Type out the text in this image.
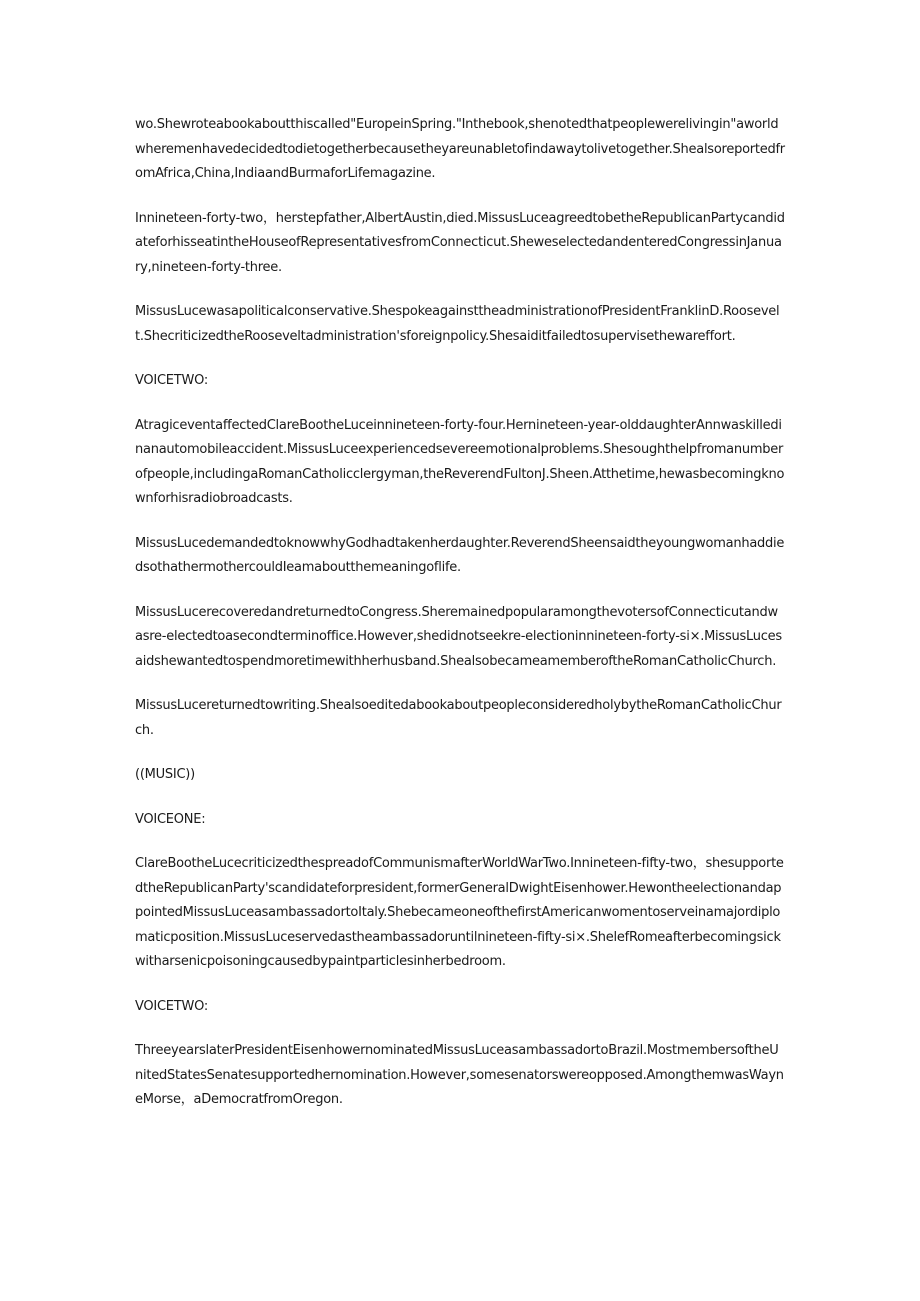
wo.Shewroteabookaboutthiscalled"EuropeinSpring."Inthebook,shenotedthatpeoplewerelivingin"aworldwheremenhavedecidedtodietogetherbecausetheyareunabletofindawaytolivetogether.ShealsoreportedfromAfrica,China,IndiaandBurmaforLifemagazine.

Innineteen-forty-two，herstepfather,AlbertAustin,died.MissusLuceagreedtobetheRepublicanPartycandidateforhisseatintheHouseofRepresentativesfromConnecticut.SheweselectedandenteredCongressinJanuary,nineteen-forty-three.

MissusLucewasapoliticalconservative.ShespokeagainsttheadministrationofPresidentFranklinD.Roosevelt.ShecriticizedtheRooseveltadministration'sforeignpolicy.Shesaiditfailedtosupervisethewareffort.

VOICETWO:

AtragiceventaffectedClareBootheLuceinnineteen-forty-four.Hernineteen-year-olddaughterAnnwaskilledinanautomobileaccident.MissusLuceexperiencedsevereemotionalproblems.Shesoughthelpfromanumberofpeople,includingaRomanCatholicclergyman,theReverendFultonJ.Sheen.Atthetime,hewasbecomingknownforhisradiobroadcasts.

MissusLucedemandedtoknowwhyGodhadtakenherdaughter.ReverendSheensaidtheyoungwomanhaddiedsothathermothercouldIeamaboutthemeaningoflife.

MissusLucerecoveredandreturnedtoCongress.SheremainedpopularamongthevotersofConnecticutandwasre-electedtoasecondterminoffice.However,shedidnotseekre-electioninnineteen-forty-si×.MissusLucesaidshewantedtospendmoretimewithherhusband.ShealsobecameamemberoftheRomanCatholicChurch.

MissusLucereturnedtowriting.ShealsoeditedabookaboutpeopleconsideredholybytheRomanCatholicChurch.

((MUSIC))

VOICEONE:

ClareBootheLucecriticizedthespreadofCommunismafterWorldWarTwo.Innineteen-fifty-two，shesupportedtheRepublicanParty'scandidateforpresident,formerGeneralDwightEisenhower.HewontheelectionandappointedMissusLuceasambassadortoItaly.ShebecameoneofthefirstAmericanwomentoserveinamajordiplomaticposition.MissusLuceservedastheambassadoruntilnineteen-fifty-si×.ShelefRomeafterbecomingsickwitharsenicpoisoningcausedbypaintparticlesinherbedroom.

VOICETWO:

ThreeyearslaterPresidentEisenhowernominatedMissusLuceasambassadortoBrazil.MostmembersoftheUnitedStatesSenatesupportedhernomination.However,somesenatorswereopposed.AmongthemwasWayneMorse，aDemocratfromOregon.
